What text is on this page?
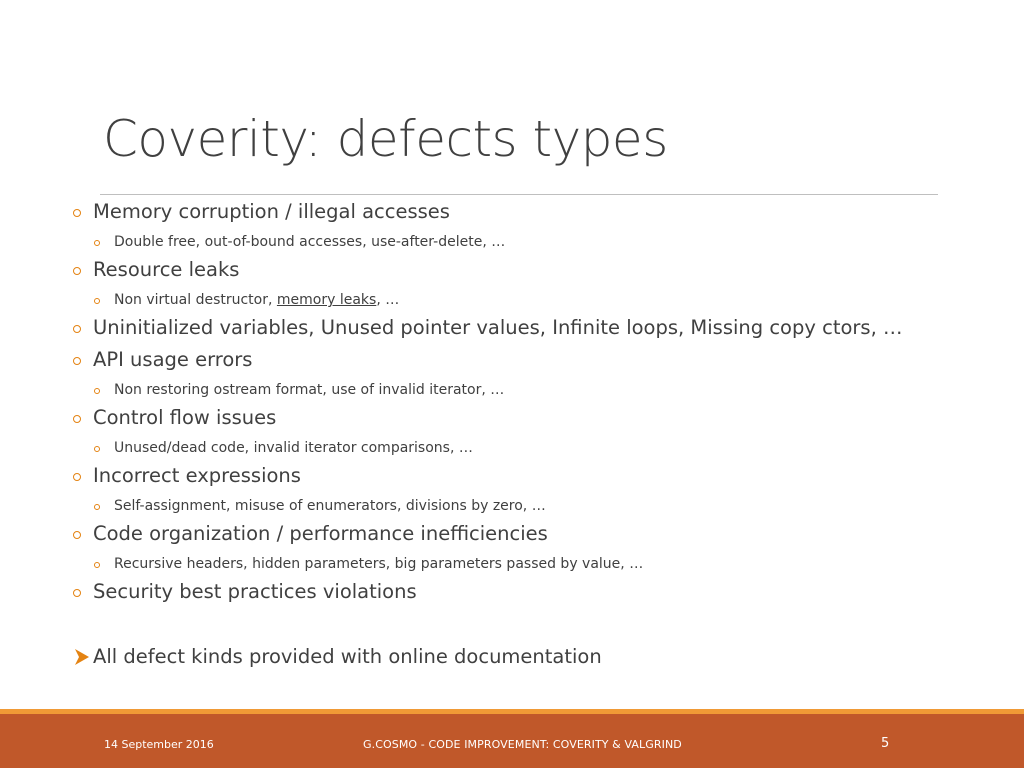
Coverity: defects types
Memory corruption / illegal accesses
Double free, out-of-bound accesses, use-after-delete, …
Resource leaks
Non virtual destructor, memory leaks, …
Uninitialized variables, Unused pointer values, Infinite loops, Missing copy ctors, …
API usage errors
Non restoring ostream format, use of invalid iterator, …
Control flow issues
Unused/dead code, invalid iterator comparisons, …
Incorrect expressions
Self-assignment, misuse of enumerators, divisions by zero, …
Code organization / performance inefficiencies
Recursive headers, hidden parameters, big parameters passed by value, …
Security best practices violations
All defect kinds provided with online documentation
14 September 2016	G.COSMO - CODE IMPROVEMENT: COVERITY & VALGRIND	5
